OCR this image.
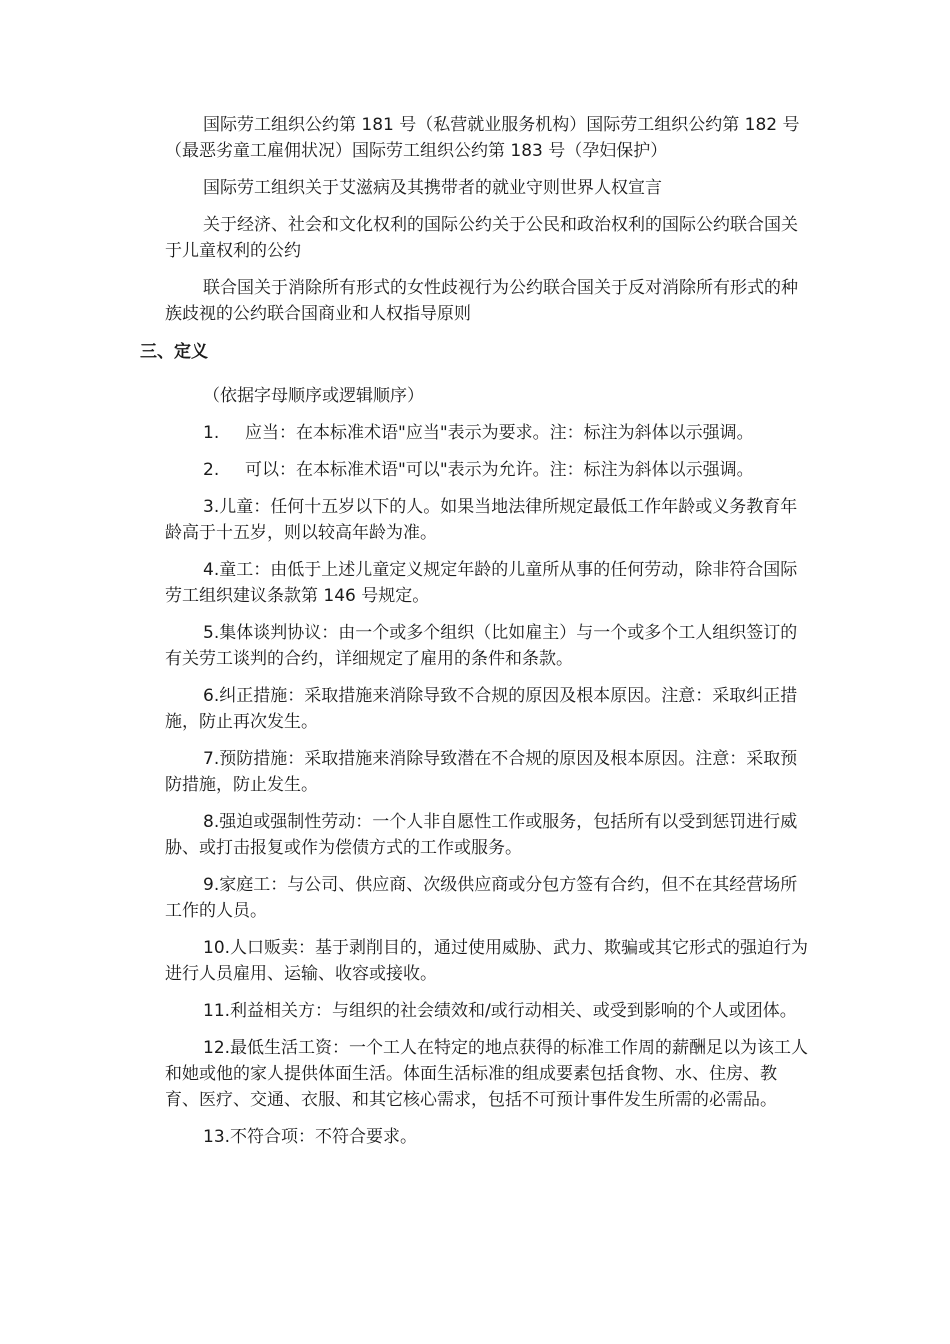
国际劳工组织公约第 181 号（私营就业服务机构）国际劳工组织公约第 182 号（最恶劣童工雇佣状况）国际劳工组织公约第 183 号（孕妇保护）

国际劳工组织关于艾滋病及其携带者的就业守则世界人权宣言

关于经济、社会和文化权利的国际公约关于公民和政治权利的国际公约联合国关于儿童权利的公约

联合国关于消除所有形式的女性歧视行为公约联合国关于反对消除所有形式的种族歧视的公约联合国商业和人权指导原则

（依据字母顺序或逻辑顺序）

1. 应当：在本标准术语"应当"表示为要求。注：标注为斜体以示强调。

2. 可以：在本标准术语"可以"表示为允许。注：标注为斜体以示强调。

3.儿童：任何十五岁以下的人。如果当地法律所规定最低工作年龄或义务教育年龄高于十五岁，则以较高年龄为准。

4.童工：由低于上述儿童定义规定年龄的儿童所从事的任何劳动，除非符合国际劳工组织建议条款第 146 号规定。

5.集体谈判协议：由一个或多个组织（比如雇主）与一个或多个工人组织签订的有关劳工谈判的合约，详细规定了雇用的条件和条款。

6.纠正措施：采取措施来消除导致不合规的原因及根本原因。注意：采取纠正措施，防止再次发生。

7.预防措施：采取措施来消除导致潜在不合规的原因及根本原因。注意：采取预防措施，防止发生。

8.强迫或强制性劳动：一个人非自愿性工作或服务，包括所有以受到惩罚进行威胁、或打击报复或作为偿债方式的工作或服务。

9.家庭工：与公司、供应商、次级供应商或分包方签有合约，但不在其经营场所工作的人员。

10.人口贩卖：基于剥削目的，通过使用威胁、武力、欺骗或其它形式的强迫行为进行人员雇用、运输、收容或接收。

11.利益相关方：与组织的社会绩效和/或行动相关、或受到影响的个人或团体。

12.最低生活工资：一个工人在特定的地点获得的标准工作周的薪酬足以为该工人和她或他的家人提供体面生活。体面生活标准的组成要素包括食物、水、住房、教育、医疗、交通、衣服、和其它核心需求，包括不可预计事件发生所需的必需品。

13.不符合项：不符合要求。

三、定义
